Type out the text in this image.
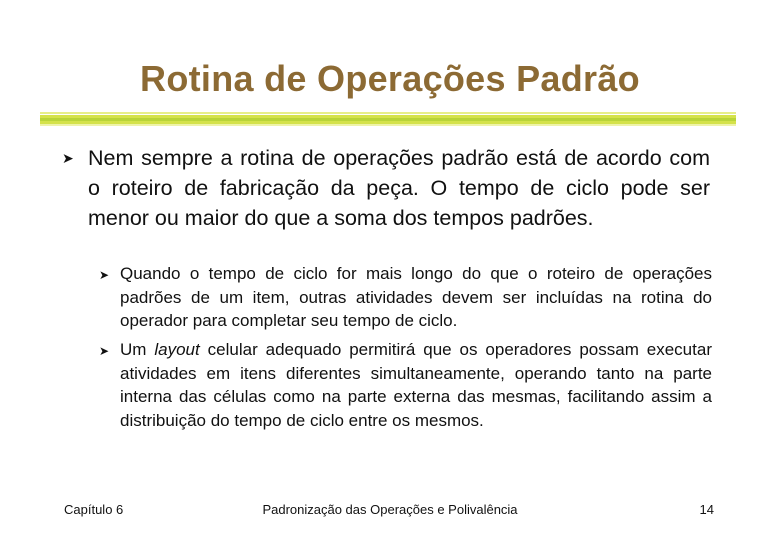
Rotina de Operações Padrão
➤ Nem sempre a rotina de operações padrão está de acordo com o roteiro de fabricação da peça. O tempo de ciclo pode ser menor ou maior do que a soma dos tempos padrões.
➤ Quando o tempo de ciclo for mais longo do que o roteiro de operações padrões de um item, outras atividades devem ser incluídas na rotina do operador para completar seu tempo de ciclo.
➤ Um layout celular adequado permitirá que os operadores possam executar atividades em itens diferentes simultaneamente, operando tanto na parte interna das células como na parte externa das mesmas, facilitando assim a distribuição do tempo de ciclo entre os mesmos.
Capítulo 6	Padronização das Operações e Polivalência	14
